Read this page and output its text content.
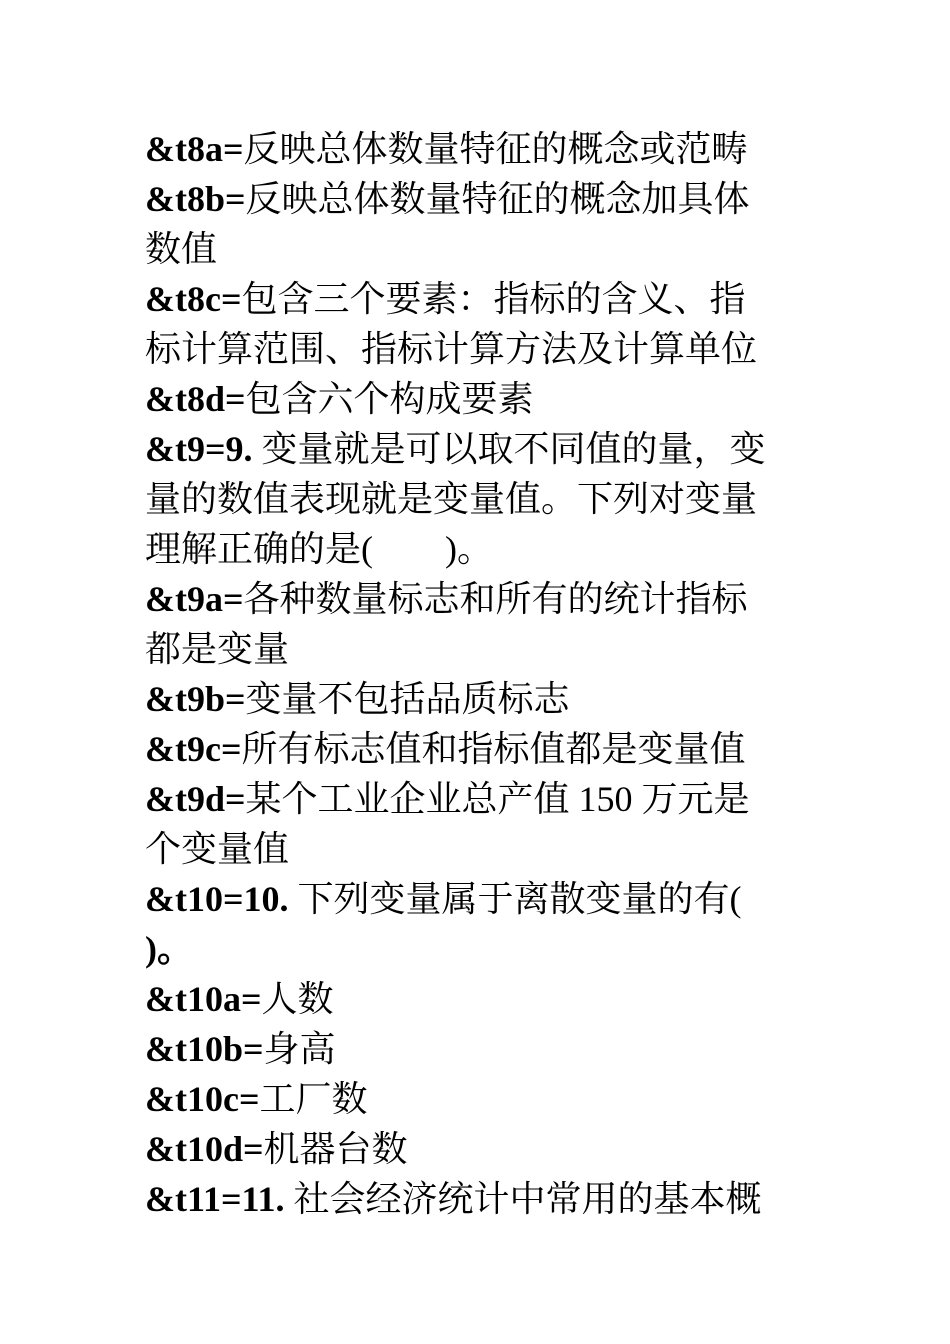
&t8a=反映总体数量特征的概念或范畴
&t8b=反映总体数量特征的概念加具体
数值
&t8c=包含三个要素：指标的含义、指
标计算范围、指标计算方法及计算单位
&t8d=包含六个构成要素
&t9=9. 变量就是可以取不同值的量，变
量的数值表现就是变量值。下列对变量
理解正确的是(　　)。
&t9a=各种数量标志和所有的统计指标
都是变量
&t9b=变量不包括品质标志
&t9c=所有标志值和指标值都是变量值
&t9d=某个工业企业总产值 150 万元是
个变量值
&t10=10. 下列变量属于离散变量的有(
)。
&t10a=人数
&t10b=身高
&t10c=工厂数
&t10d=机器台数
&t11=11. 社会经济统计中常用的基本概
